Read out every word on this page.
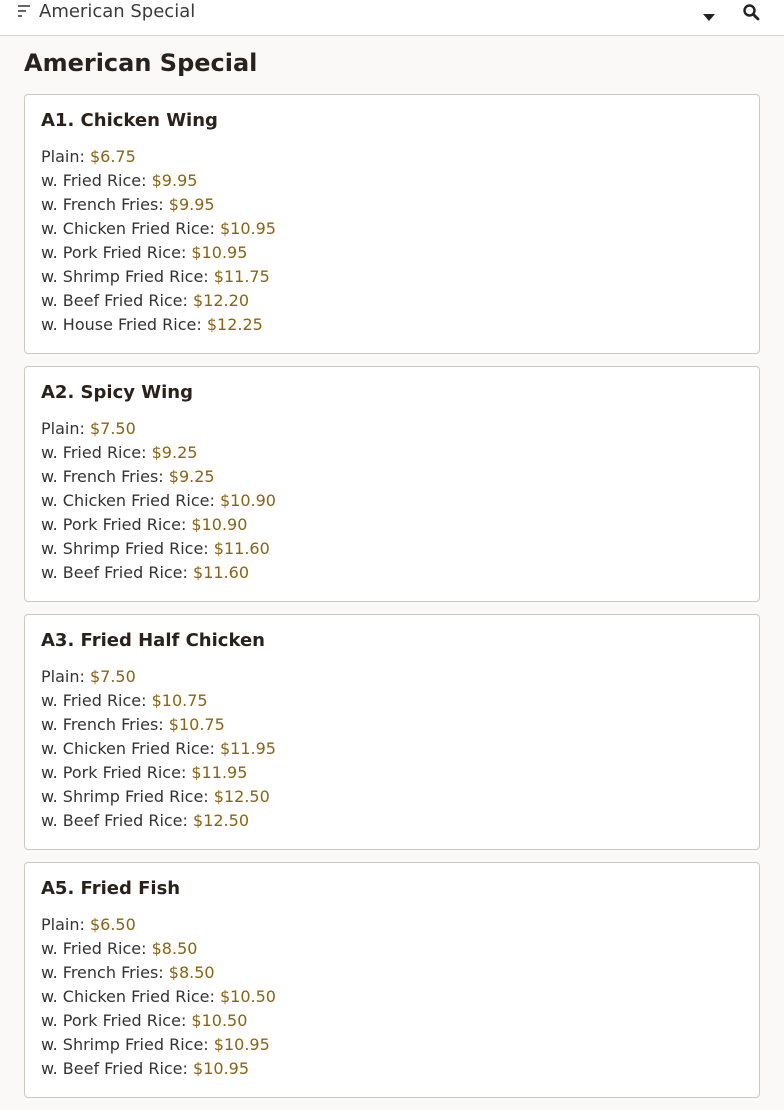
American Special
American Special
A1. Chicken Wing
Plain: $6.75
w. Fried Rice: $9.95
w. French Fries: $9.95
w. Chicken Fried Rice: $10.95
w. Pork Fried Rice: $10.95
w. Shrimp Fried Rice: $11.75
w. Beef Fried Rice: $12.20
w. House Fried Rice: $12.25
A2. Spicy Wing
Plain: $7.50
w. Fried Rice: $9.25
w. French Fries: $9.25
w. Chicken Fried Rice: $10.90
w. Pork Fried Rice: $10.90
w. Shrimp Fried Rice: $11.60
w. Beef Fried Rice: $11.60
A3. Fried Half Chicken
Plain: $7.50
w. Fried Rice: $10.75
w. French Fries: $10.75
w. Chicken Fried Rice: $11.95
w. Pork Fried Rice: $11.95
w. Shrimp Fried Rice: $12.50
w. Beef Fried Rice: $12.50
A5. Fried Fish
Plain: $6.50
w. Fried Rice: $8.50
w. French Fries: $8.50
w. Chicken Fried Rice: $10.50
w. Pork Fried Rice: $10.50
w. Shrimp Fried Rice: $10.95
w. Beef Fried Rice: $10.95
